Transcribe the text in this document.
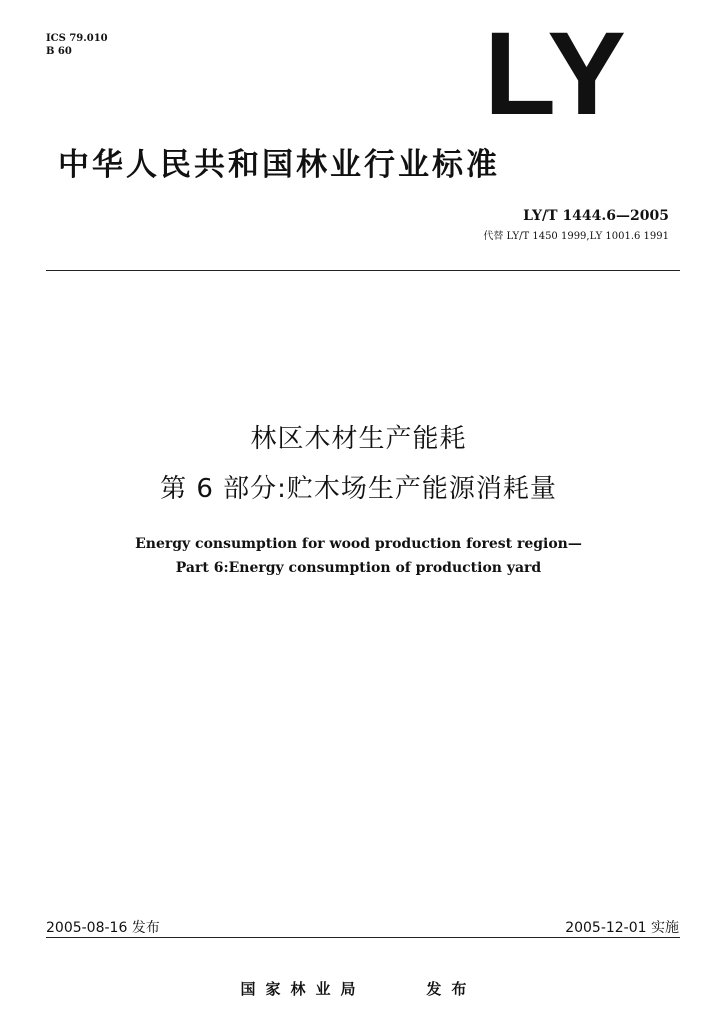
ICS 79.010
B 60	LY
中华人民共和国林业行业标准
LY/T 1444.6—2005
代替 LY/T 1450 1999,LY 1001.6 1991
林区木材生产能耗
第 6 部分:贮木场生产能源消耗量
Energy consumption for wood production forest region—
Part 6:Energy consumption of production yard
2005-08-16 发布	2005-12-01 实施
国家林业局    发布
